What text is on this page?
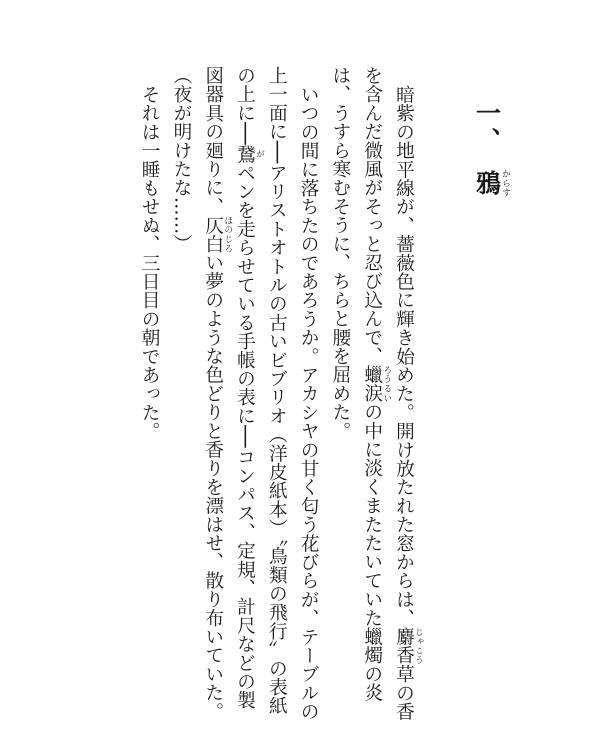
一、鴉からす

暗紫の地平線が、薔薇色に輝き始めた。開け放たれた窓からは、麝香 じゃこう草の香を含んだ微風がそっと忍び込んで、蠟涙 ろうるいの中に淡くまたたいていた蠟燭の炎は、うすら寒むそうに、ちらと腰を屈めた。

いつの間に落ちたのであろうか。アカシヤの甘く匂う花びらが、テーブルの上一面に──アリストオトルの古いビブリオ（洋皮紙本）〝鳥類の飛行〟の表紙の上に──鵞 がペンを走らせている手帳の表に──コンパス、定規、計尺などの製図器具の廻りに、仄白 ほのじろい夢のような色どりと香りを漂はせ、散り布いていた。

（夜が明けたな……）

それは一睡もせぬ、三日目の朝であった。
